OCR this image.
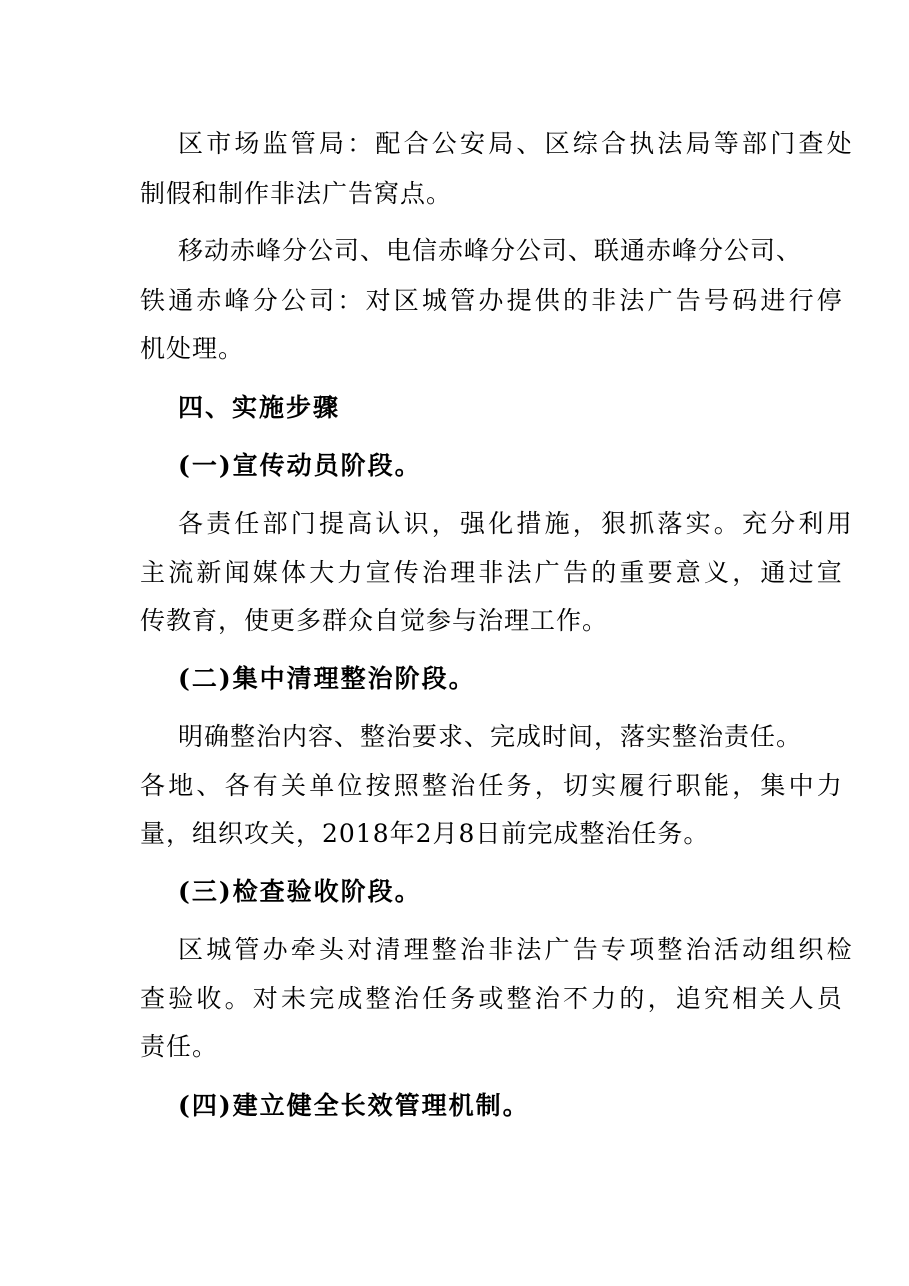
区市场监管局：配合公安局、区综合执法局等部门查处
制假和制作非法广告窝点。
移动赤峰分公司、电信赤峰分公司、联通赤峰分公司、
铁通赤峰分公司：对区城管办提供的非法广告号码进行停
机处理。
四、实施步骤
(一)宣传动员阶段。
各责任部门提高认识，强化措施，狠抓落实。充分利用
主流新闻媒体大力宣传治理非法广告的重要意义，通过宣
传教育，使更多群众自觉参与治理工作。
(二)集中清理整治阶段。
明确整治内容、整治要求、完成时间，落实整治责任。
各地、各有关单位按照整治任务，切实履行职能，集中力
量，组织攻关，2018年2月8日前完成整治任务。
(三)检查验收阶段。
区城管办牵头对清理整治非法广告专项整治活动组织检
查验收。对未完成整治任务或整治不力的，追究相关人员
责任。
(四)建立健全长效管理机制。
